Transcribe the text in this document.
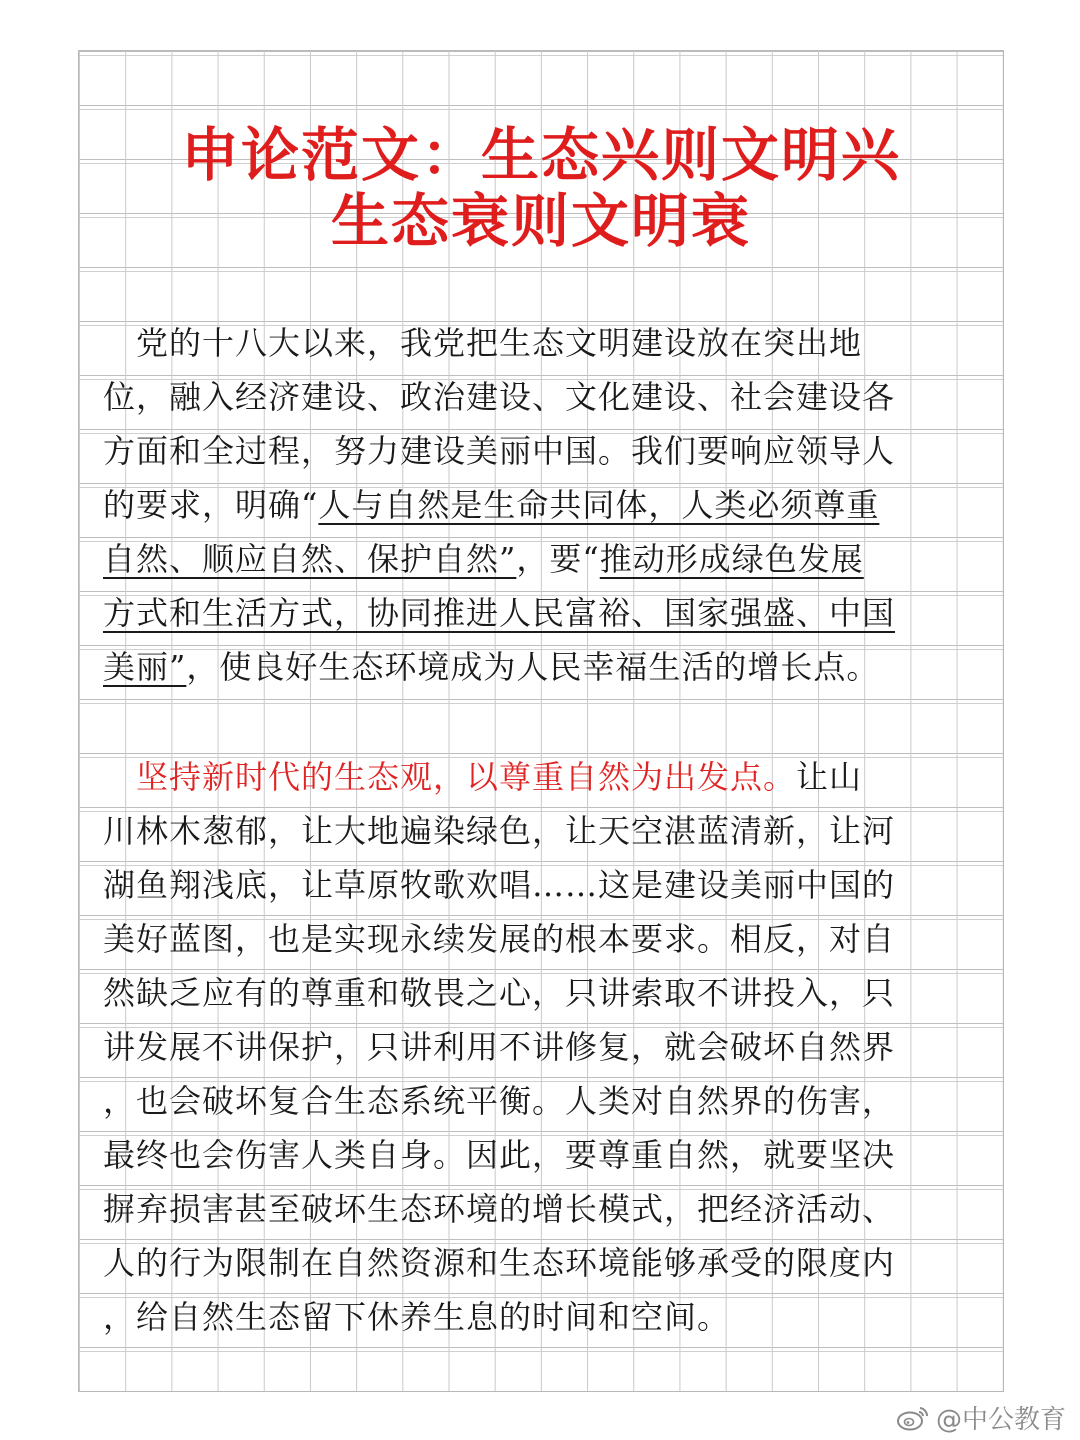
申论范文：生态兴则文明兴
生态衰则文明衰
　党的十八大以来，我党把生态文明建设放在突出地
位，融入经济建设、政治建设、文化建设、社会建设各
方面和全过程，努力建设美丽中国。我们要响应领导人
的要求，明确“人与自然是生命共同体，人类必须尊重
自然、顺应自然、保护自然”，要“推动形成绿色发展
方式和生活方式，协同推进人民富裕、国家强盛、中国
美丽”，使良好生态环境成为人民幸福生活的增长点。
　坚持新时代的生态观，以尊重自然为出发点。让山
川林木葱郁，让大地遍染绿色，让天空湛蓝清新，让河
湖鱼翔浅底，让草原牧歌欢唱……这是建设美丽中国的
美好蓝图，也是实现永续发展的根本要求。相反，对自
然缺乏应有的尊重和敬畏之心，只讲索取不讲投入，只
讲发展不讲保护，只讲利用不讲修复，就会破坏自然界
，也会破坏复合生态系统平衡。人类对自然界的伤害，
最终也会伤害人类自身。因此，要尊重自然，就要坚决
摒弃损害甚至破坏生态环境的增长模式，把经济活动、
人的行为限制在自然资源和生态环境能够承受的限度内
，给自然生态留下休养生息的时间和空间。
@中公教育
